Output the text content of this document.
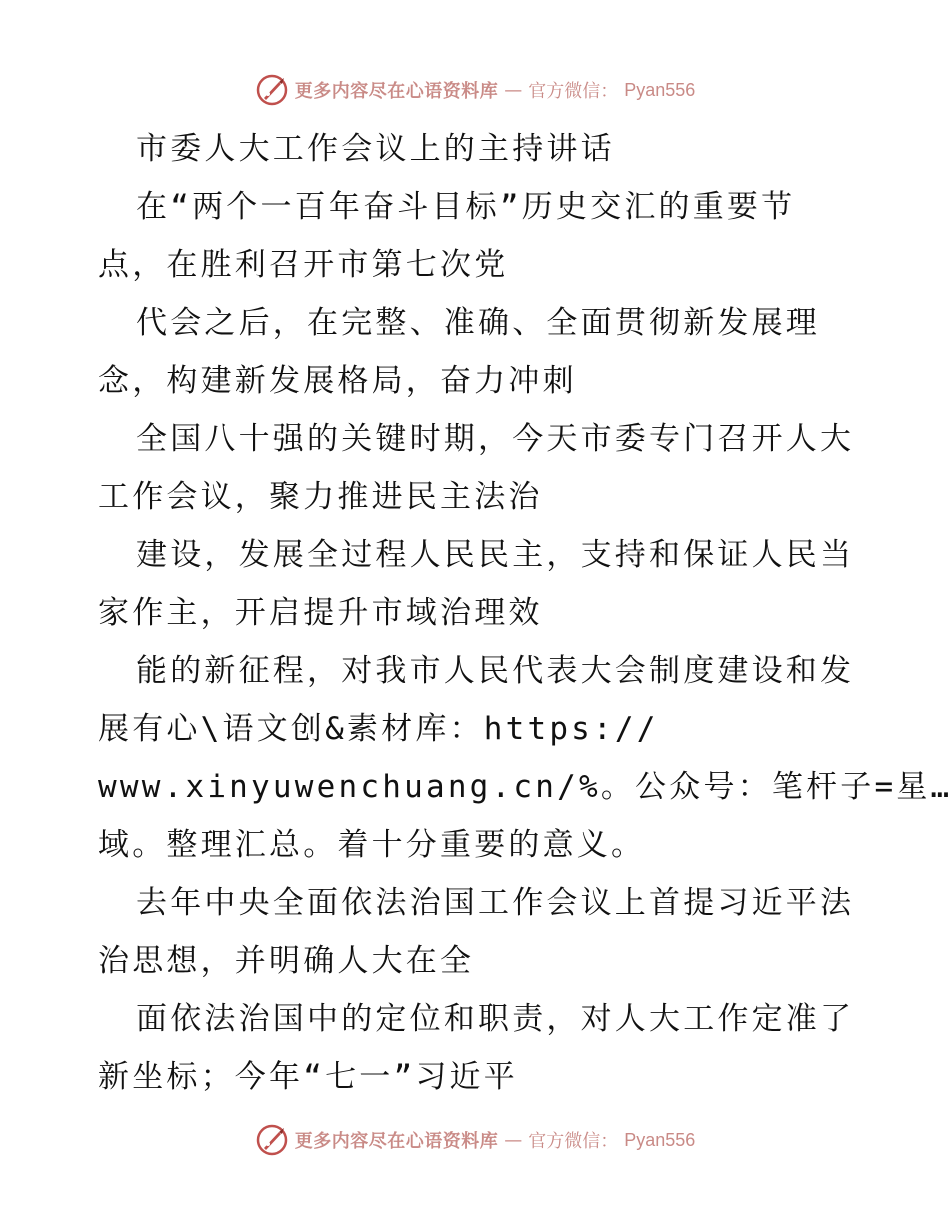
更多内容尽在心语资料库 — 官方微信： Pyan556
市委人大工作会议上的主持讲话
在“两个一百年奋斗目标”历史交汇的重要节
点，在胜利召开市第七次党
代会之后，在完整、准确、全面贯彻新发展理
念，构建新发展格局，奋力冲刺
全国八十强的关键时期，今天市委专门召开人大
工作会议，聚力推进民主法治
建设，发展全过程人民民主，支持和保证人民当
家作主，开启提升市域治理效
能的新征程，对我市人民代表大会制度建设和发
展有心\语文创&素材库：https://
www.xinyuwenchuang.cn/%。公众号：笔杆子=星…
域。整理汇总。着十分重要的意义。
去年中央全面依法治国工作会议上首提习近平法
治思想，并明确人大在全
面依法治国中的定位和职责，对人大工作定准了
新坐标；今年“七一”习近平
更多内容尽在心语资料库 — 官方微信： Pyan556
